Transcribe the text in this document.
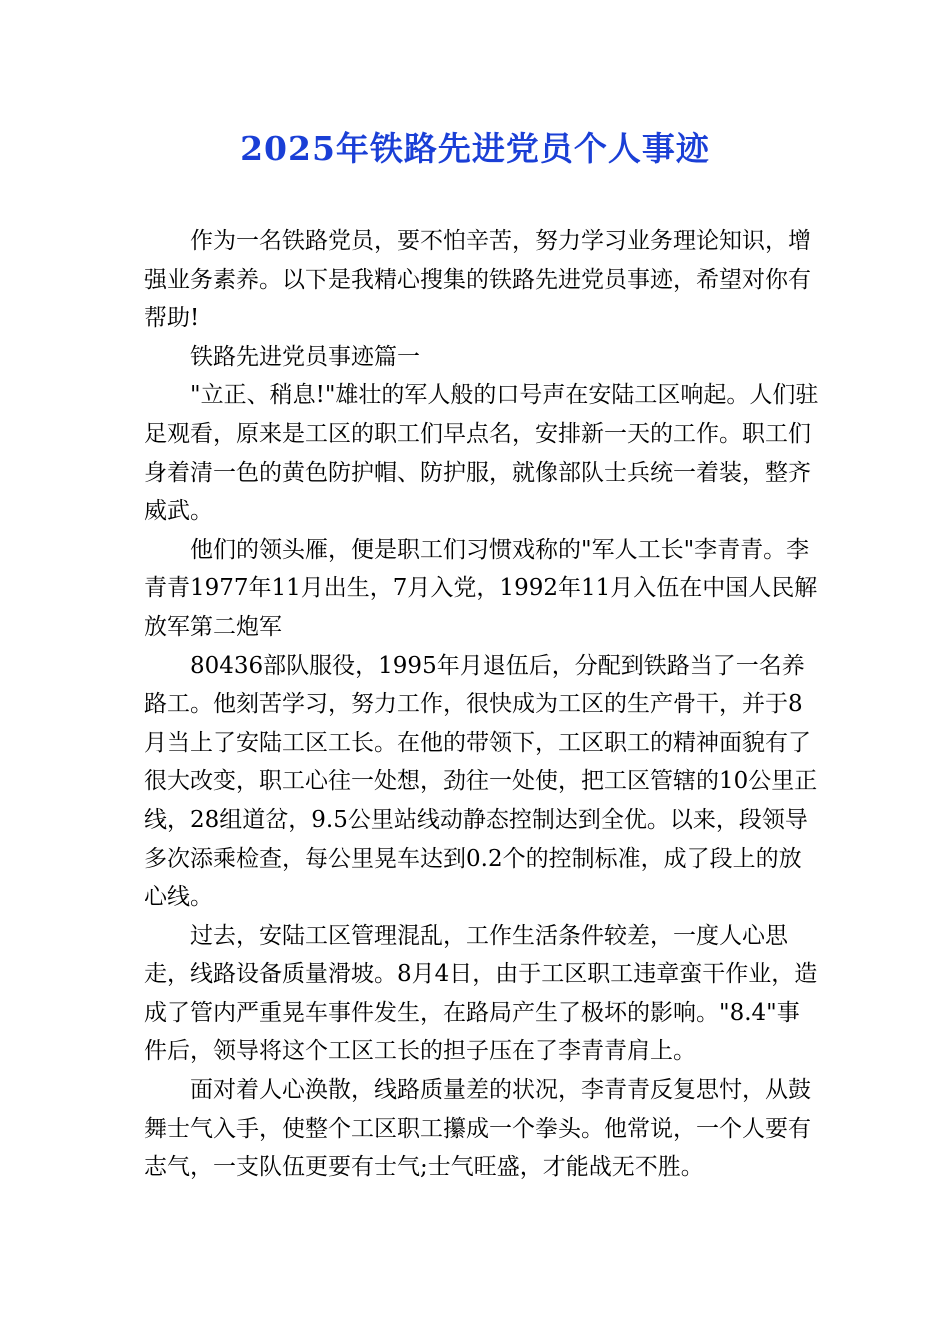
2025年铁路先进党员个人事迹

作为一名铁路党员，要不怕辛苦，努力学习业务理论知识，增强业务素养。以下是我精心搜集的铁路先进党员事迹，希望对你有帮助!

铁路先进党员事迹篇一

"立正、稍息!"雄壮的军人般的口号声在安陆工区响起。人们驻足观看，原来是工区的职工们早点名，安排新一天的工作。职工们身着清一色的黄色防护帽、防护服，就像部队士兵统一着装，整齐威武。

他们的领头雁，便是职工们习惯戏称的"军人工长"李青青。李青青1977年11月出生，7月入党，1992年11月入伍在中国人民解放军第二炮军

80436部队服役，1995年月退伍后，分配到铁路当了一名养路工。他刻苦学习，努力工作，很快成为工区的生产骨干，并于8月当上了安陆工区工长。在他的带领下，工区职工的精神面貌有了很大改变，职工心往一处想，劲往一处使，把工区管辖的10公里正线，28组道岔，9.5公里站线动静态控制达到全优。以来，段领导多次添乘检查，每公里晃车达到0.2个的控制标准，成了段上的放心线。

过去，安陆工区管理混乱，工作生活条件较差，一度人心思走，线路设备质量滑坡。8月4日，由于工区职工违章蛮干作业，造成了管内严重晃车事件发生，在路局产生了极坏的影响。"8.4"事件后，领导将这个工区工长的担子压在了李青青肩上。

面对着人心涣散，线路质量差的状况，李青青反复思忖，从鼓舞士气入手，使整个工区职工攥成一个拳头。他常说，一个人要有志气，一支队伍更要有士气;士气旺盛，才能战无不胜。
